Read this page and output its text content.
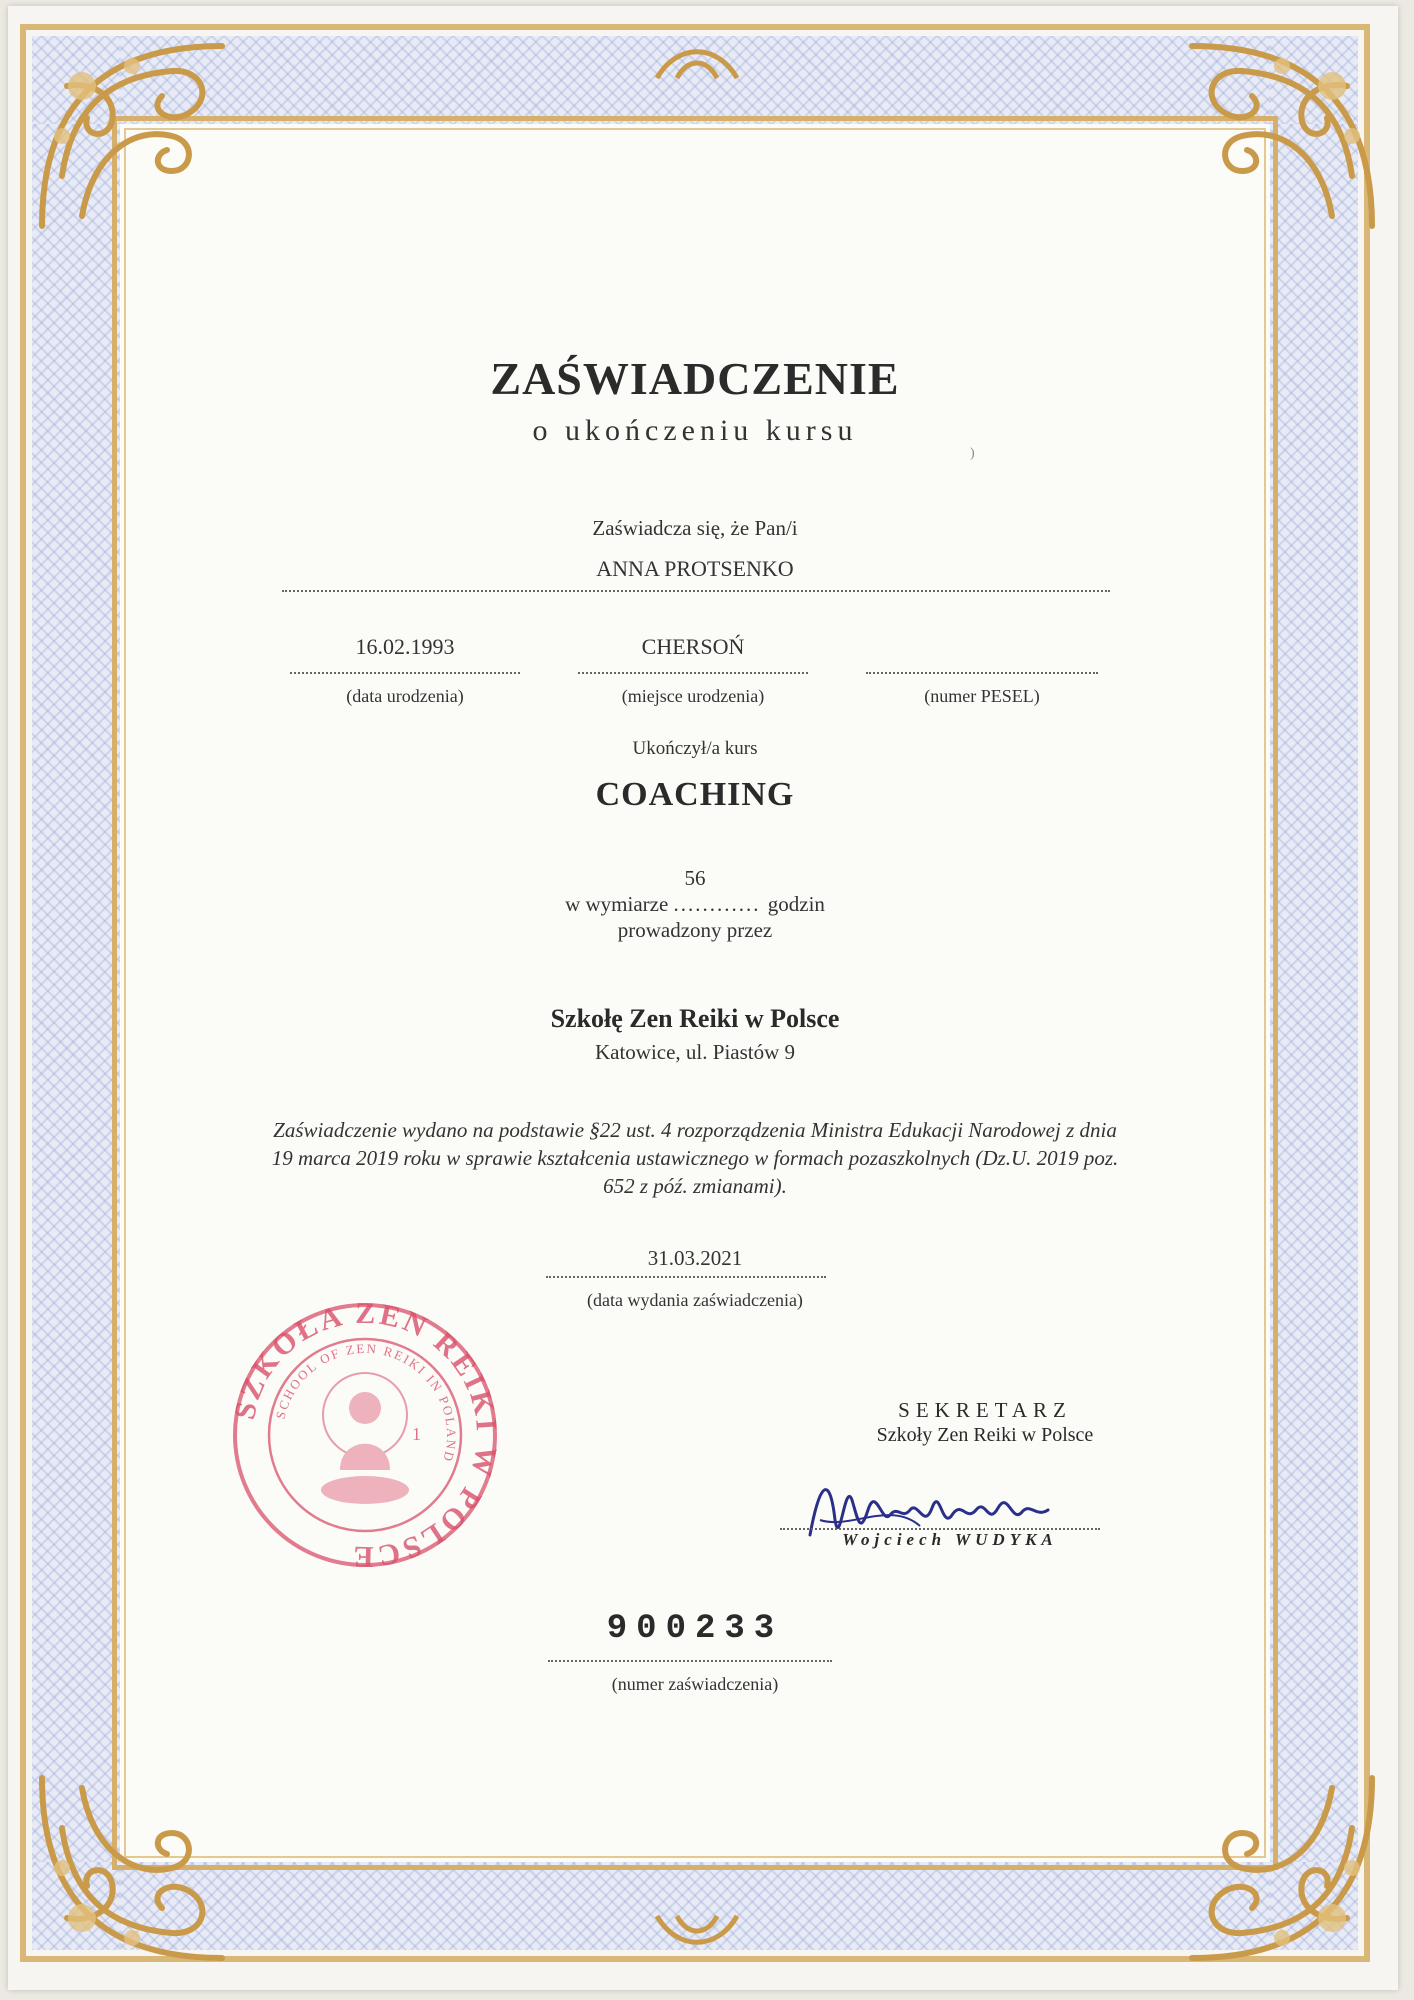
ZAŚWIADCZENIE
o ukończeniu kursu
)
Zaświadcza się, że Pan/i
ANNA PROTSENKO
16.02.1993
(data urodzenia)
CHERSOŃ
(miejsce urodzenia)	(numer PESEL)
Ukończył/a kurs
COACHING
56
w wymiarze ............ godzin
prowadzony przez
Szkołę Zen Reiki w Polsce
Katowice, ul. Piastów 9
Zaświadczenie wydano na podstawie §22 ust. 4 rozporządzenia Ministra Edukacji Narodowej z dnia 19 marca 2019 roku w sprawie kształcenia ustawicznego w formach pozaszkolnych (Dz.U. 2019 poz. 652 z póź. zmianami).
31.03.2021
(data wydania zaświadczenia)
SZKOŁA ZEN REIKI W POLSCE
SCHOOL OF ZEN REIKI IN POLAND
1
SEKRETARZ
Szkoły Zen Reiki w Polsce
Wojciech WUDYKA
900233
(numer zaświadczenia)
